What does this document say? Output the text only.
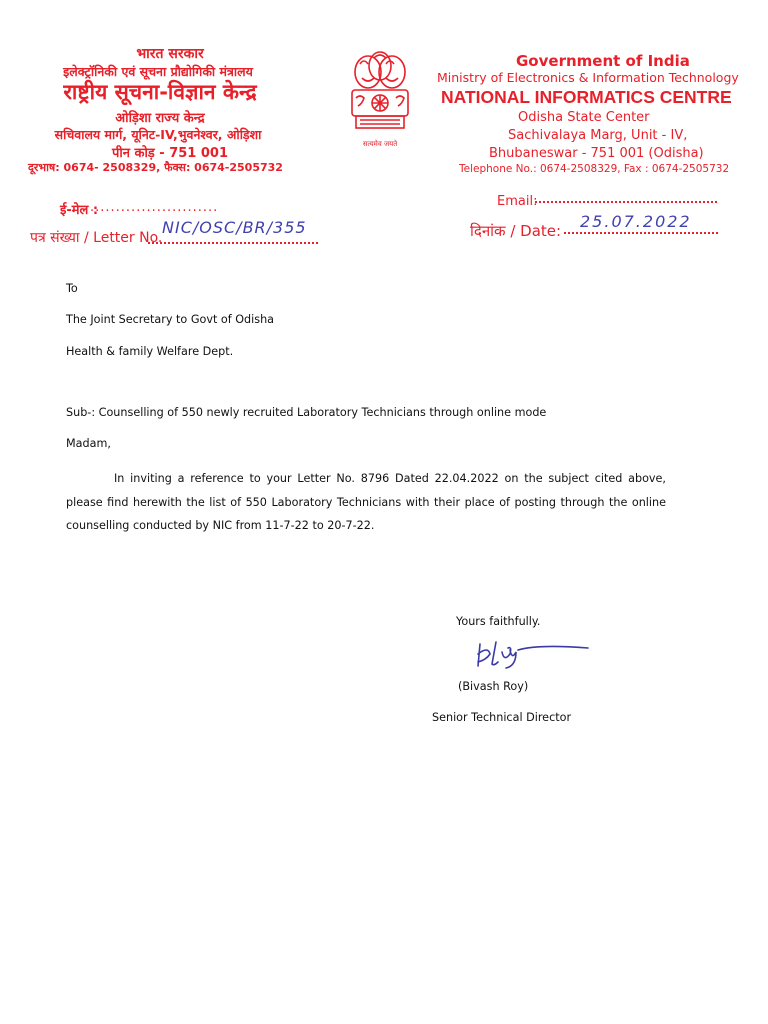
भारत सरकार
इलेक्ट्रॉनिकी एवं सूचना प्रौद्योगिकी मंत्रालय
राष्ट्रीय सूचना-विज्ञान केन्द्र
ओड़िशा राज्य केन्द्र
सचिवालय मार्ग, यूनिट-IV,भुवनेश्वर, ओड़िशा
पीन कोड़ - 751 001
दूरभाष: 0674- 2508329, फैक्स: 0674-2505732
ई-मेल :
.........................
पत्र संख्या / Letter No.
NIC/OSC/BR/355
सत्यमेव जयते
Government of India
Ministry of Electronics & Information Technology
NATIONAL INFORMATICS CENTRE
Odisha State Center
Sachivalaya Marg, Unit - IV,
Bhubaneswar - 751 001 (Odisha)
Telephone No.: 0674-2508329, Fax : 0674-2505732
Email:
दिनांक / Date: 25.07.2022
To
The Joint Secretary to Govt of Odisha
Health & family Welfare Dept.
Sub-: Counselling of 550 newly recruited Laboratory Technicians through online mode
Madam,
In inviting a reference to your Letter No. 8796 Dated 22.04.2022 on the subject cited above, please find herewith the list of 550 Laboratory Technicians with their place of posting through the online counselling conducted by NIC from 11-7-22 to 20-7-22.
Yours faithfully.
(Bivash Roy)
Senior Technical Director
